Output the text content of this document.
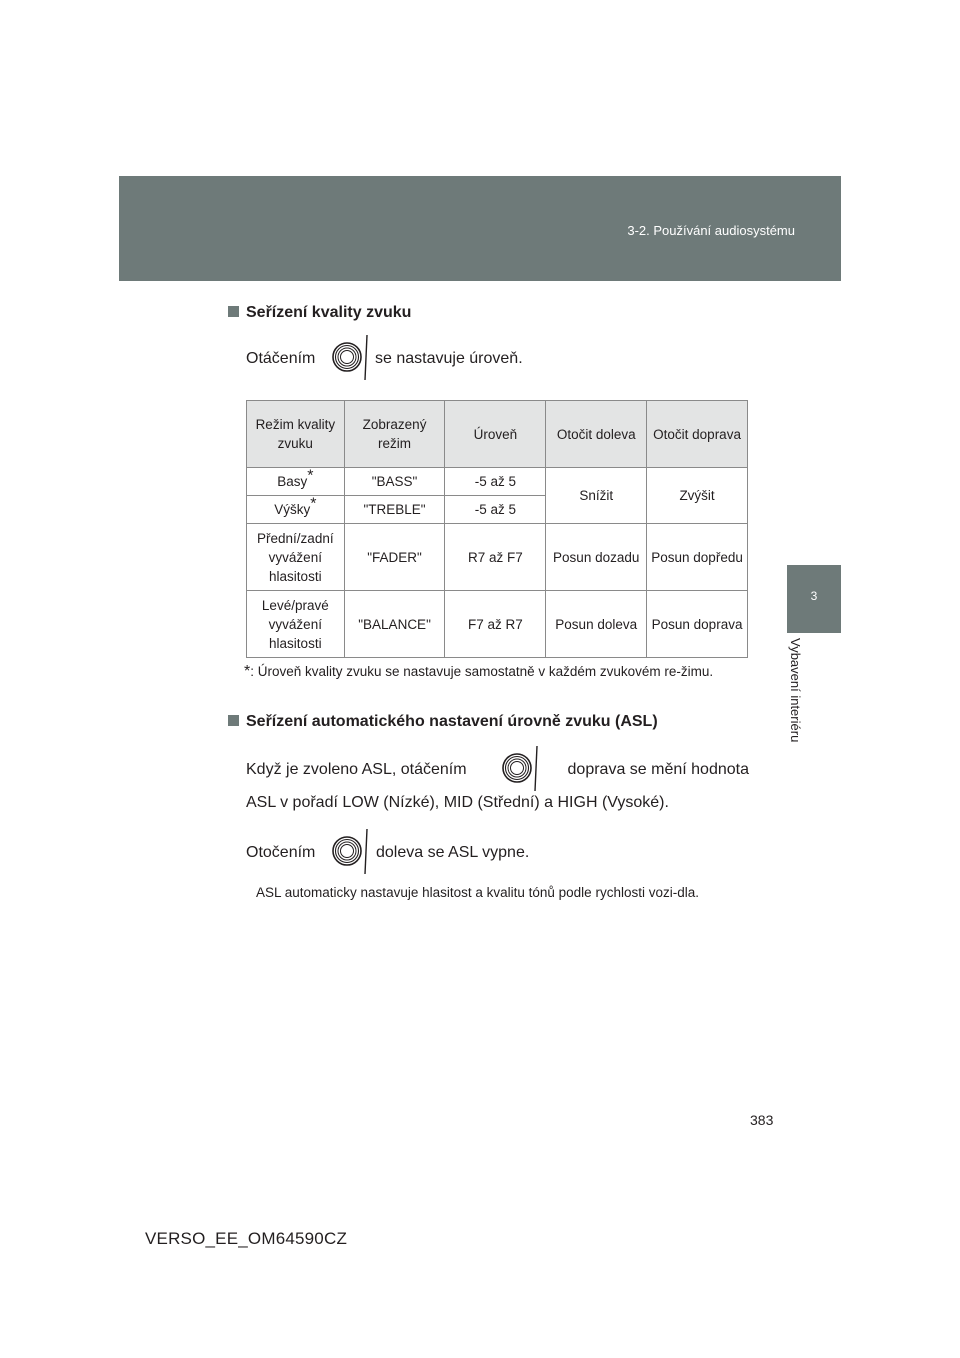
3-2. Používání audiosystému
3
Vybavení interiéru
Seřízení kvality zvuku
Otáčením	se nastavuje úroveň.
Režim kvality zvuku	Zobrazený režim	Úroveň	Otočit doleva	Otočit doprava
Basy*	"BASS"	-5 až 5	Snížit	Zvýšit
Výšky*	"TREBLE"	-5 až 5		
Přední/zadní vyvážení hlasitosti	"FADER"	R7 až F7	Posun dozadu	Posun dopředu
Levé/pravé vyvážení hlasitosti	"BALANCE"	F7 až R7	Posun doleva	Posun doprava
*: Úroveň kvality zvuku se nastavuje samostatně v každém zvukovém re-žimu.
Seřízení automatického nastavení úrovně zvuku (ASL)
Když je zvoleno ASL, otáčením	doprava se mění hodnota
ASL v pořadí LOW (Nízké), MID (Střední) a HIGH (Vysoké).
Otočením	doleva se ASL vypne.
ASL automaticky nastavuje hlasitost a kvalitu tónů podle rychlosti vozi-dla.
383
VERSO_EE_OM64590CZ
